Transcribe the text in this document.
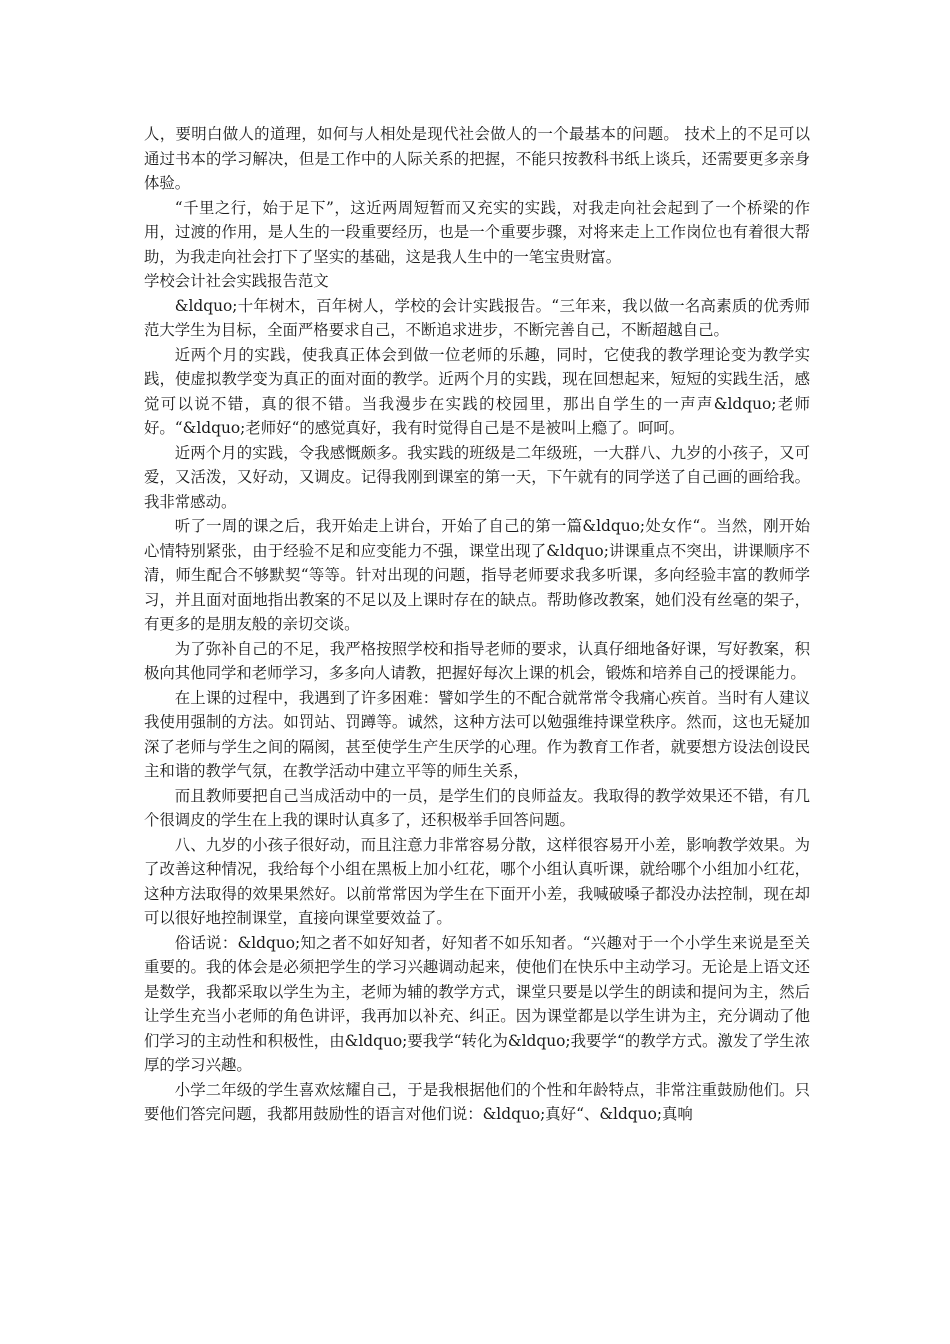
人，要明白做人的道理，如何与人相处是现代社会做人的一个最基本的问题。 技术上的不足可以通过书本的学习解决，但是工作中的人际关系的把握，不能只按教科书纸上谈兵，还需要更多亲身体验。

“千里之行，始于足下”，这近两周短暂而又充实的实践，对我走向社会起到了一个桥梁的作用，过渡的作用，是人生的一段重要经历，也是一个重要步骤，对将来走上工作岗位也有着很大帮助，为我走向社会打下了坚实的基础，这是我人生中的一笔宝贵财富。

学校会计社会实践报告范文

&ldquo;十年树木，百年树人，学校的会计实践报告。“三年来，我以做一名高素质的优秀师范大学生为目标，全面严格要求自己，不断追求进步，不断完善自己，不断超越自己。

近两个月的实践，使我真正体会到做一位老师的乐趣，同时，它使我的教学理论变为教学实践，使虚拟教学变为真正的面对面的教学。近两个月的实践，现在回想起来，短短的实践生活，感觉可以说不错，真的很不错。当我漫步在实践的校园里，那出自学生的一声声&ldquo;老师好。“&ldquo;老师好“的感觉真好，我有时觉得自己是不是被叫上瘾了。呵呵。

近两个月的实践，令我感慨颇多。我实践的班级是二年级班，一大群八、九岁的小孩子，又可爱，又活泼，又好动，又调皮。记得我刚到课室的第一天，下午就有的同学送了自己画的画给我。我非常感动。

听了一周的课之后，我开始走上讲台，开始了自己的第一篇&ldquo;处女作“。当然，刚开始心情特别紧张，由于经验不足和应变能力不强，课堂出现了&ldquo;讲课重点不突出，讲课顺序不清，师生配合不够默契“等等。针对出现的问题，指导老师要求我多听课，多向经验丰富的教师学习，并且面对面地指出教案的不足以及上课时存在的缺点。帮助修改教案，她们没有丝毫的架子，有更多的是朋友般的亲切交谈。

为了弥补自己的不足，我严格按照学校和指导老师的要求，认真仔细地备好课，写好教案，积极向其他同学和老师学习，多多向人请教，把握好每次上课的机会，锻炼和培养自己的授课能力。

在上课的过程中，我遇到了许多困难：譬如学生的不配合就常常令我痛心疾首。当时有人建议我使用强制的方法。如罚站、罚蹲等。诚然，这种方法可以勉强维持课堂秩序。然而，这也无疑加深了老师与学生之间的隔阂，甚至使学生产生厌学的心理。作为教育工作者，就要想方设法创设民主和谐的教学气氛，在教学活动中建立平等的师生关系，

而且教师要把自己当成活动中的一员，是学生们的良师益友。我取得的教学效果还不错，有几个很调皮的学生在上我的课时认真多了，还积极举手回答问题。

八、九岁的小孩子很好动，而且注意力非常容易分散，这样很容易开小差，影响教学效果。为了改善这种情况，我给每个小组在黑板上加小红花，哪个小组认真听课，就给哪个小组加小红花，这种方法取得的效果果然好。以前常常因为学生在下面开小差，我喊破嗓子都没办法控制，现在却可以很好地控制课堂，直接向课堂要效益了。

俗话说：&ldquo;知之者不如好知者，好知者不如乐知者。“兴趣对于一个小学生来说是至关重要的。我的体会是必须把学生的学习兴趣调动起来，使他们在快乐中主动学习。无论是上语文还是数学，我都采取以学生为主，老师为辅的教学方式，课堂只要是以学生的朗读和提问为主，然后让学生充当小老师的角色讲评，我再加以补充、纠正。因为课堂都是以学生讲为主，充分调动了他们学习的主动性和积极性，由&ldquo;要我学“转化为&ldquo;我要学“的教学方式。激发了学生浓厚的学习兴趣。

小学二年级的学生喜欢炫耀自己，于是我根据他们的个性和年龄特点，非常注重鼓励他们。只要他们答完问题，我都用鼓励性的语言对他们说：&ldquo;真好“、&ldquo;真响
